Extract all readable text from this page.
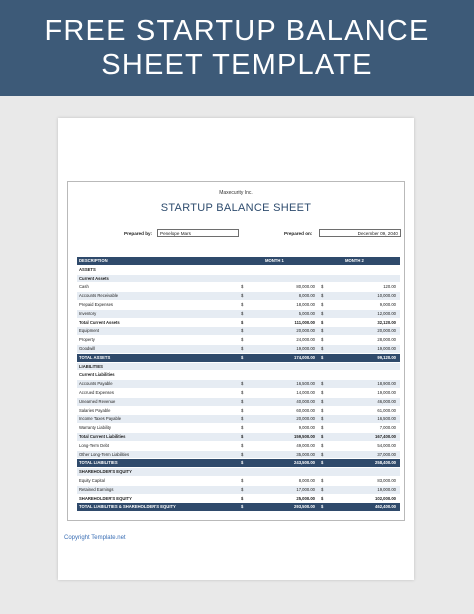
FREE STARTUP BALANCE
SHEET TEMPLATE
Maxecurity Inc.
STARTUP BALANCE SHEET
Prepared by:	Penelope Mars	Prepared on:	December 09, 2040
DESCRIPTION	MONTH 1	MONTH 2
ASSETS
Current Assets
Cash	$	80,000.00 $	120.00
Accounts Receivable	$	8,000.00 $	10,000.00
Prepaid Expenses	$	18,000.00 $	9,000.00
Inventory	$	5,000.00 $	12,000.00
Total Current Assets	$	111,000.00 $	32,120.00
Equipment	$	20,000.00 $	20,000.00
Property	$	24,000.00 $	28,000.00
Goodwill	$	19,000.00 $	19,000.00
TOTAL ASSETS	$	174,000.00 $	99,120.00
LIABILITIES
Current Liabilities
Accounts Payable	$	16,500.00 $	18,900.00
Accrued Expenses	$	14,000.00 $	19,000.00
Unearned Revenue	$	40,000.00 $	46,000.00
Salaries Payable	$	60,000.00 $	61,000.00
Income Taxes Payable	$	20,000.00 $	16,500.00
Warranty Liability	$	9,000.00 $	7,000.00
Total Current Liabilities	$	159,500.00 $	167,400.00
Long-Term Debt	$	49,000.00 $	54,000.00
Other Long-Term Liabilities	$	35,000.00 $	37,000.00
TOTAL LIABILITIES	$	243,500.00 $	258,400.00
SHAREHOLDER'S EQUITY
Equity Capital	$	8,000.00 $	83,000.00
Retained Earnings	$	17,000.00 $	19,000.00
SHAREHOLDER'S EQUITY	$	25,000.00 $	102,000.00
TOTAL LIABILITIES & SHAREHOLDER'S EQUITY	$	293,500.00 $	462,400.00
Copyright Template.net
